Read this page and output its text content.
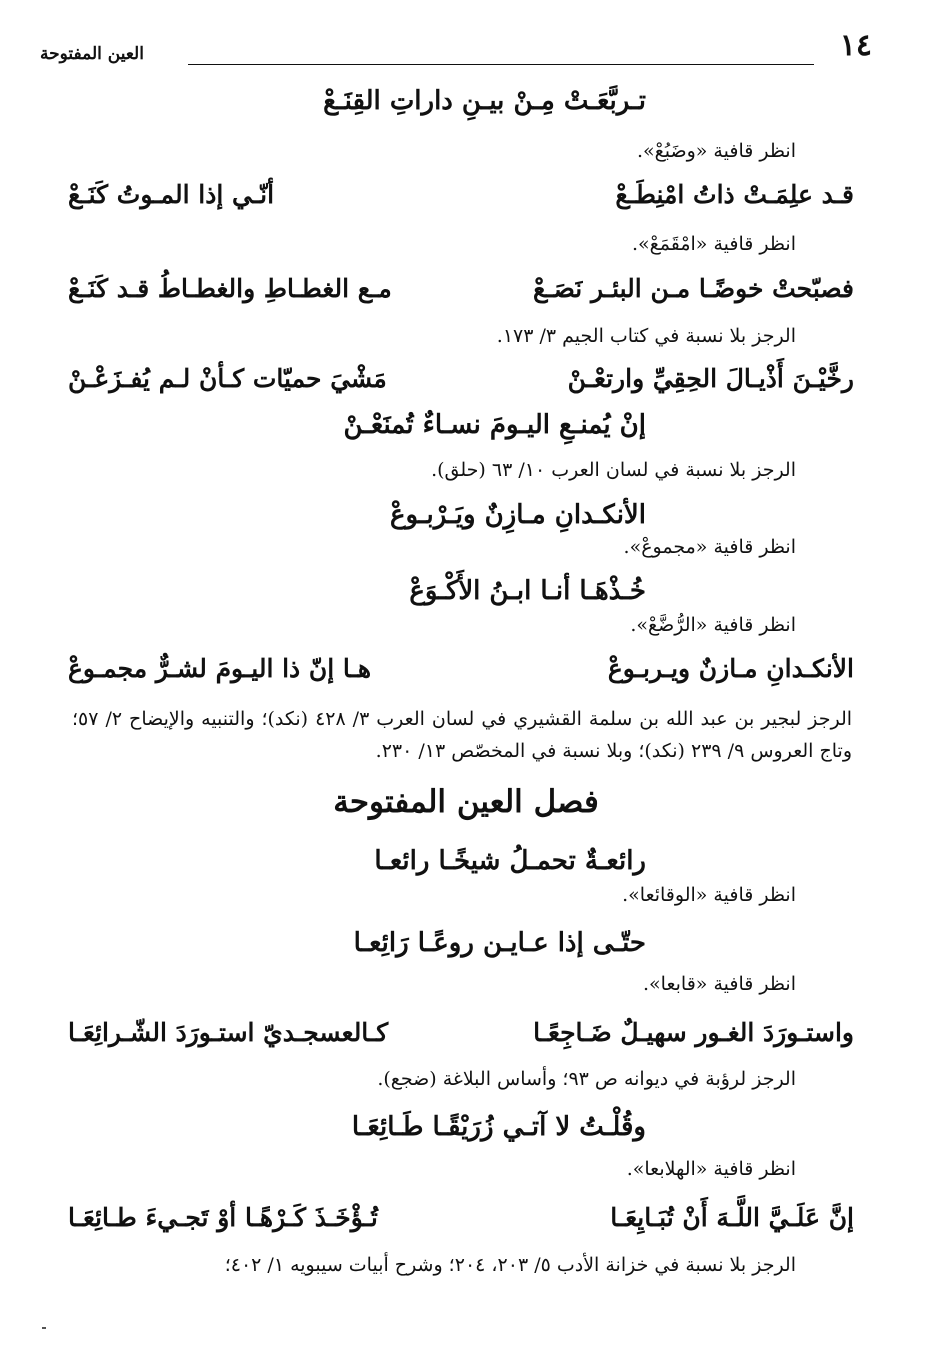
١٤
العين المفتوحة
تـربَّعَـتْ مِـنْ بيـنِ داراتِ القِنَـعْ
انظر قافية «وضَبُعْ».
قـد علِمَـتْ ذاتُ امْنِطَـعْ
أنّـي إذا المـوتُ كَنَـعْ
انظر قافية «امْقَمَعْ».
فصبّحتْ خوضًـا مـن البئـر نَصَـعْ
مـع الغطـاطِ والغطـاطُ قـد كَنَـعْ
الرجز بلا نسبة في كتاب الجيم ٣/ ١٧٣.
رخَّيْـنَ أَذْيـالَ الحِقِيِّ وارتعْـنْ
مَشْيَ حميّات كـأنْ لـم يُفـزَعْـنْ
إنْ يُمنـعِ اليـومَ نسـاءٌ تُمنَعْـنْ
الرجز بلا نسبة في لسان العرب ١٠/ ٦٣ (حلق).
الأنكـدانِ مـازِنٌ ويَـرْبـوعْ
انظر قافية «مجموعْ».
خُـذْهَـا أنـا ابـنُ الأَكْـوَعْ
انظر قافية «الرُّضَّعْ».
الأنكـدانِ مـازنٌ ويـربـوعْ
هـا إنّ ذا اليـومَ لشـرٌّ مجمـوعْ
الرجز لبجير بن عبد الله بن سلمة القشيري في لسان العرب ٣/ ٤٢٨ (نكد)؛ والتنبيه والإيضاح ٢/ ٥٧؛ وتاج العروس ٩/ ٢٣٩ (نكد)؛ وبلا نسبة في المخصّص ١٣/ ٢٣٠.
فصل العين المفتوحة
رائعـةٌ تحمـلُ شيخًـا رائعـا
انظر قافية «الوقائعا».
حتّـى إذا عـايـن روعًـا رَائِعـا
انظر قافية «قابعا».
واستـورَدَ الغـور سهيـلٌ ضَـاجِعًـا
كـالعسجـديّ استـورَدَ الشّـرائِعَـا
الرجز لرؤبة في ديوانه ص ٩٣؛ وأساس البلاغة (ضجع).
وقُلْـتُ لا آتـي زُرَيْقًـا طَـائِعَـا
انظر قافية «الهلابعا».
إنَّ عَلَـيَّ اللَّـهَ أَنْ تُبَـايِعَـا
تُـؤْخَـذَ كَـرْهًـا أوْ تَجـيءَ طـائِعَـا
الرجز بلا نسبة في خزانة الأدب ٥/ ٢٠٣، ٢٠٤؛ وشرح أبيات سيبويه ١/ ٤٠٢؛
